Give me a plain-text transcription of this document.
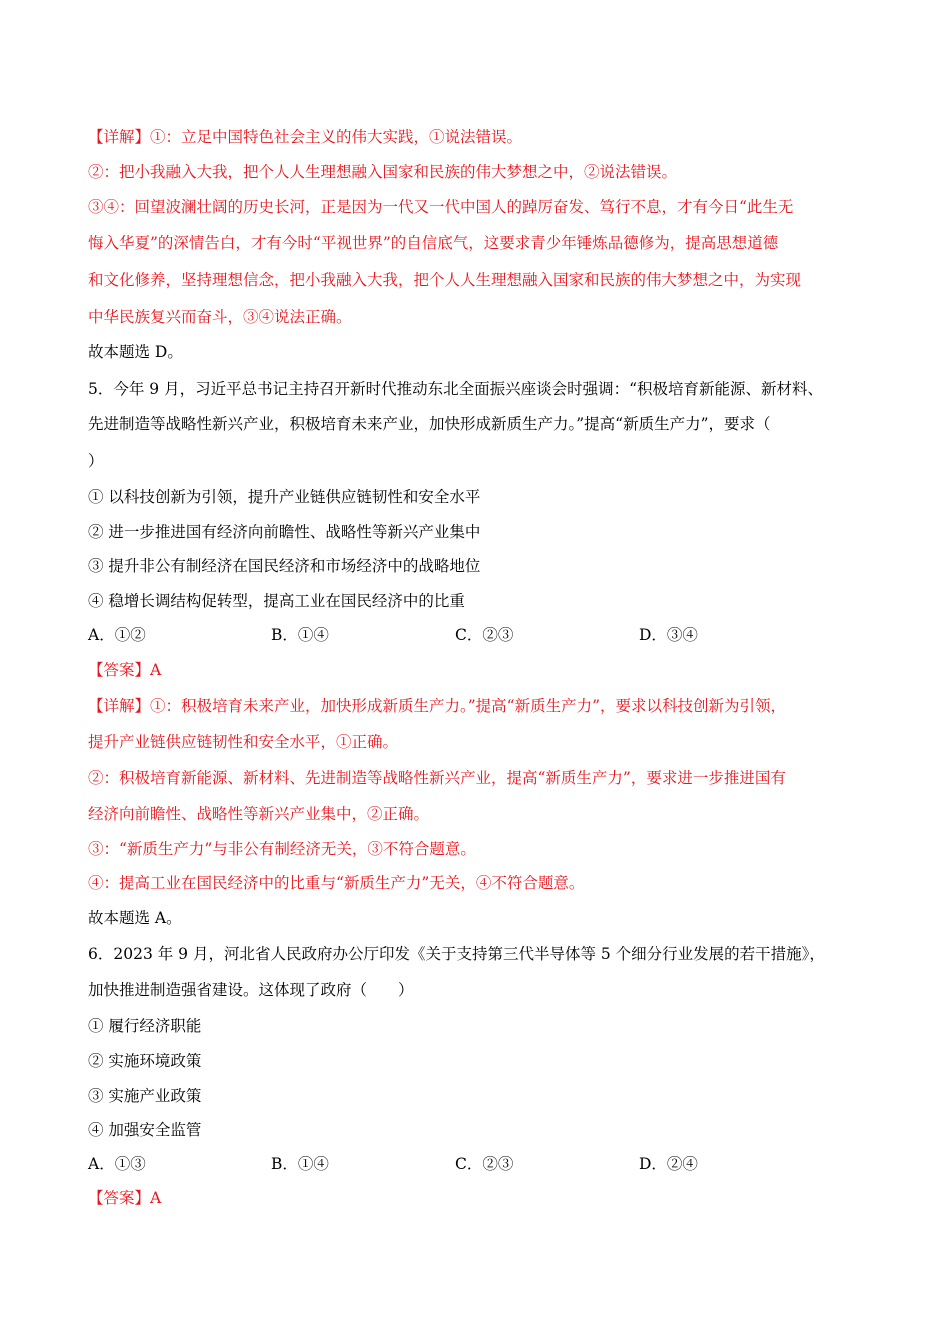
【详解】①：立足中国特色社会主义的伟大实践，①说法错误。
②：把小我融入大我，把个人人生理想融入国家和民族的伟大梦想之中，②说法错误。
③④：回望波澜壮阔的历史长河，正是因为一代又一代中国人的踔厉奋发、笃行不息，才有今日“此生无
悔入华夏”的深情告白，才有今时“平视世界”的自信底气，这要求青少年锤炼品德修为，提高思想道德
和文化修养，坚持理想信念，把小我融入大我，把个人人生理想融入国家和民族的伟大梦想之中，为实现
中华民族复兴而奋斗，③④说法正确。
故本题选 D。
5．今年 9 月，习近平总书记主持召开新时代推动东北全面振兴座谈会时强调：“积极培育新能源、新材料、
先进制造等战略性新兴产业，积极培育未来产业，加快形成新质生产力。”提高“新质生产力”，要求（
）
① 以科技创新为引领，提升产业链供应链韧性和安全水平
② 进一步推进国有经济向前瞻性、战略性等新兴产业集中
③ 提升非公有制经济在国民经济和市场经济中的战略地位
④ 稳增长调结构促转型，提高工业在国民经济中的比重
A．①②	B．①④	C．②③	D．③④
【答案】A
【详解】①：积极培育未来产业，加快形成新质生产力。”提高“新质生产力”，要求以科技创新为引领，
提升产业链供应链韧性和安全水平，①正确。
②：积极培育新能源、新材料、先进制造等战略性新兴产业，提高“新质生产力”，要求进一步推进国有
经济向前瞻性、战略性等新兴产业集中，②正确。
③：“新质生产力”与非公有制经济无关，③不符合题意。
④：提高工业在国民经济中的比重与“新质生产力”无关，④不符合题意。
故本题选 A。
6．2023 年 9 月，河北省人民政府办公厅印发《关于支持第三代半导体等 5 个细分行业发展的若干措施》，
加快推进制造强省建设。这体现了政府（　　）
① 履行经济职能
② 实施环境政策
③ 实施产业政策
④ 加强安全监管
A．①③	B．①④	C．②③	D．②④
【答案】A
